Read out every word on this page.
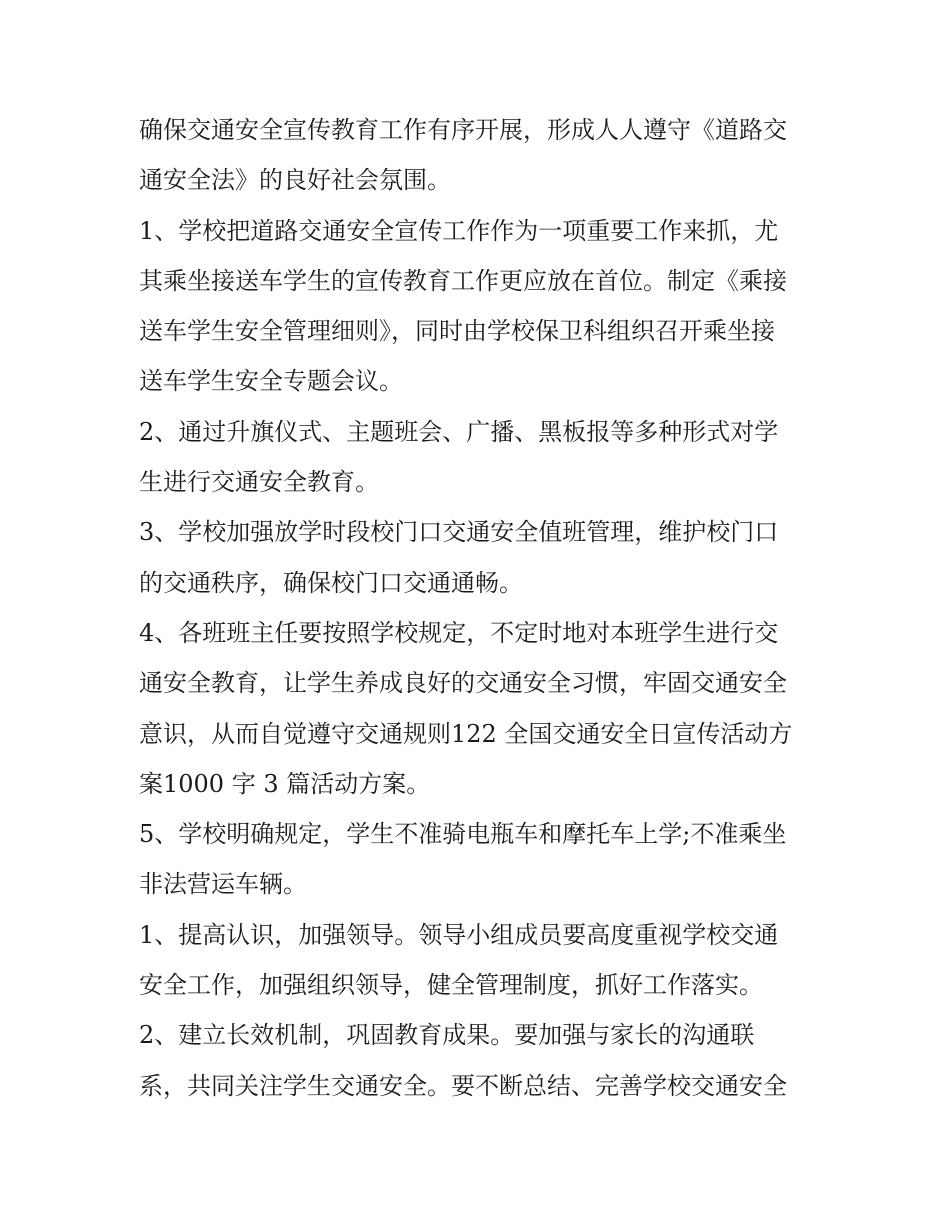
确保交通安全宣传教育工作有序开展，形成人人遵守《道路交
通安全法》的良好社会氛围。
1、学校把道路交通安全宣传工作作为一项重要工作来抓，尤
其乘坐接送车学生的宣传教育工作更应放在首位。制定《乘接
送车学生安全管理细则》，同时由学校保卫科组织召开乘坐接
送车学生安全专题会议。
2、通过升旗仪式、主题班会、广播、黑板报等多种形式对学
生进行交通安全教育。
3、学校加强放学时段校门口交通安全值班管理，维护校门口
的交通秩序，确保校门口交通通畅。
4、各班班主任要按照学校规定，不定时地对本班学生进行交
通安全教育，让学生养成良好的交通安全习惯，牢固交通安全
意识，从而自觉遵守交通规则122 全国交通安全日宣传活动方
案1000 字 3 篇活动方案。
5、学校明确规定，学生不准骑电瓶车和摩托车上学;不准乘坐
非法营运车辆。
1、提高认识，加强领导。领导小组成员要高度重视学校交通
安全工作，加强组织领导，健全管理制度，抓好工作落实。
2、建立长效机制，巩固教育成果。要加强与家长的沟通联
系，共同关注学生交通安全。要不断总结、完善学校交通安全
